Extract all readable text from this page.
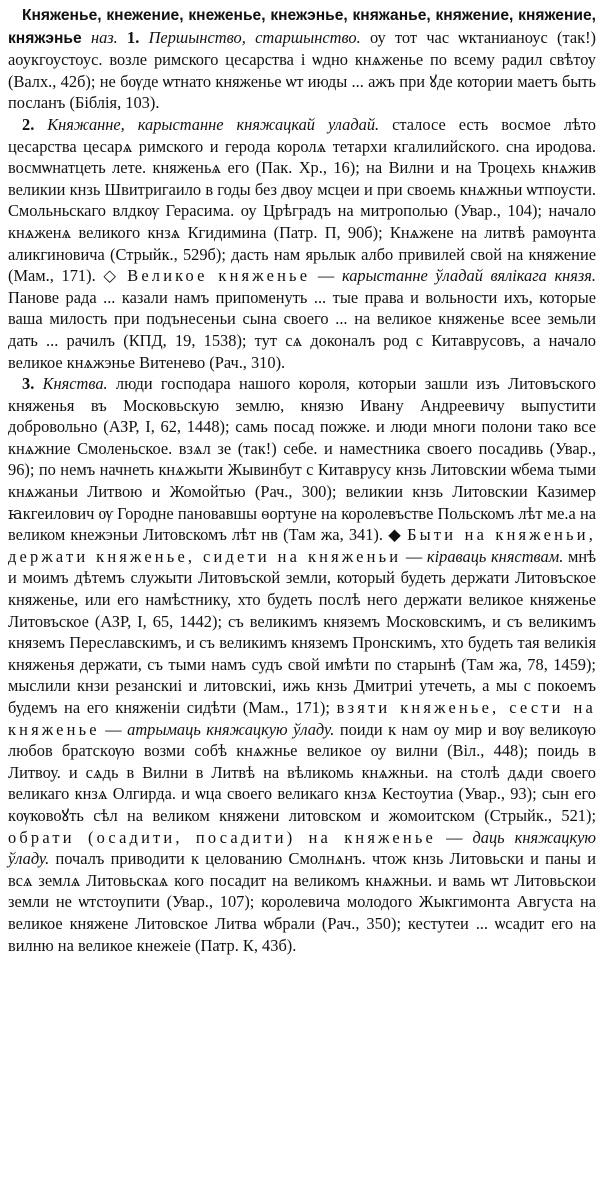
Княженье, кнежение, кнеженье, кнежэнье, княжанье, княжение, княжение, княжэнье наз. 1. Першынство, старшынство. оу тот час ѡктанианоус (так!) аоукгоустоус. возле римского цесарства і ѡдно кнѧженье по всему радил свѣтоу (Валх., 42б); не бѹде ѡтнато княженье ѡт июды ... ажъ при ꙋде котории маетъ быть посланъ (Біблія, 103).

2. Княжанне, карыстанне княжацкай уладай. сталосе есть восмое лѣто цесарства цесарѧ римского и герода королѧ тетархи кгалилийского. сна иродова. восмѡнатцеть лете. княженьѧ его (Пак. Хр., 16); на Вилни и на Троцехь кнѧжив великии кнзь Швитригаило в годы без двоу мсцеи и при своемь кнѧжньи ѡтпоусти. Смольньскаго влдкѹ Герасима. оу Црѣградъ на митрополью (Увар., 104); начало кнѧженѧ великого кнзѧ Кгидимина (Патр. П, 90б); Кнѧжене на литвѣ рамѹнта аликгиновича (Стрыйк., 529б); дасть нам ярьлык албо привилей свой на княжение (Мам., 171). ◇ Великое княженье — карыстанне ўладай вялікага князя. Панове рада ... казали намъ припоменуть ... тые права и вольности ихъ, которые ваша милость при подънесеньи сына своего ... на великое княженье всее земьли дать ... рачилъ (КПД, 19, 1538); тут сѧ доконалъ род с Китаврусовъ, а начало великое кнѧжэнье Витенево (Рач., 310).

3. Княства. люди господара нашого короля, которыи зашли изъ Литовъского княженья въ Московьскую землю, князю Ивану Андреевичу выпустити добровольно (АЗР, I, 62, 1448); самь посад пожже. и люди многи полони тако все кнѧжние Смоленьское. взѧл зе (так!) себе. и наместника своего посадивь (Увар., 96); по немъ начнеть кнѧжыти Жывинбут с Китаврусу кнзь Литовскии ѡбема тыми кнѧжаньи Литвою и Жомойтью (Рач., 300); великии кнзь Литовскии Казимер ꙗкгеилович ѹ Городне пановавшы ѳортуне на королевъстве Польскомъ лѣт ме.а на великом кнежэньи Литовскомъ лѣт нв (Там жа, 341). ◆ Быти на княженьи, держати княженье, сидети на княженьи — кіраваць княствам. мнѣ и моимъ дѣтемъ служыти Литовъской земли, который будеть держати Литовъское княженье, или его намѣстнику, хто будеть послѣ него держати великое княженье Литовъское (АЗР, I, 65, 1442); съ великимъ княземъ Московскимъ, и съ великимъ княземъ Переславскимъ, и съ великимъ княземъ Пронскимъ, хто будеть тая великія княженья держати, съ тыми намъ судъ свой имѣти по старынѣ (Там жа, 78, 1459); мыслили кнзи резанскиі и литовскиі, ижь кнзь Дмитриі утечеть, а мы с покоемъ будемъ на его княженіи сидѣти (Мам., 171); взяти княженье, сести на княженье — атрымаць княжацкую ўладу. поиди к нам оу мир и вѹ великѹю любов братскѹю возми собѣ кнѧжнье великое оу вилни (Віл., 448); поидь в Литвоу. и сѧдь в Вилни в Литвѣ на вѣликомь кнѧжньи. на столѣ дѧди своего великаго кнзѧ Олгирда. и ѡца своего великаго кнзѧ Кестоутиа (Увар., 93); сын его кѹковоꙋть сѣл на великом княжени литовском и жомоитском (Стрыйк., 521); обрати (осадити, посадити) на княженье — даць княжацкую ўладу. почалъ приводити к целованию Смолнѧнъ. чтож кнзь Литовьски и паны и всѧ землѧ Литовьскаѧ кого посадит на великомъ кнѧжньи. и вамь ѡт Литовьскои земли не ѡтстоупити (Увар., 107); королевича молодого Жыкгимонта Августа на великое княжене Литовское Литва ѡбрали (Рач., 350); кестутеи ... ѡсадит его на вилню на великое кнежеіе (Патр. К, 43б).
